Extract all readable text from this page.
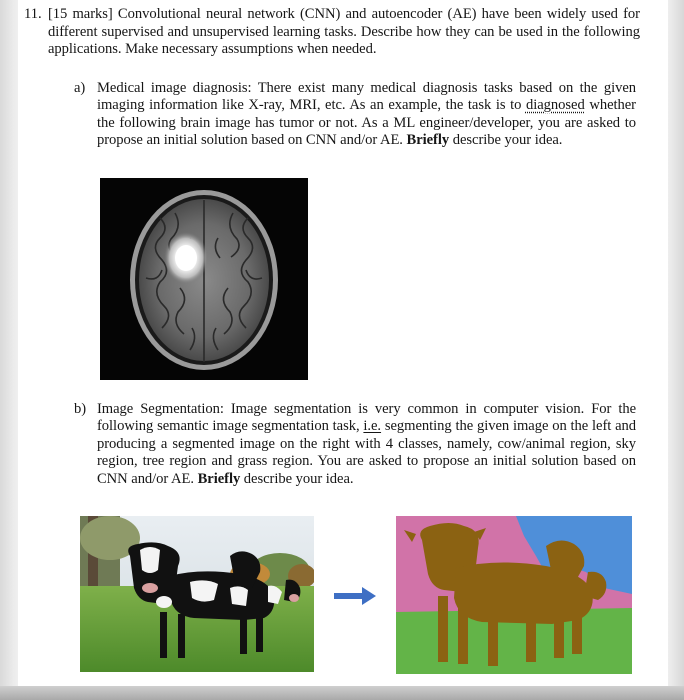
11. [15 marks] Convolutional neural network (CNN) and autoencoder (AE) have been widely used for different supervised and unsupervised learning tasks. Describe how they can be used in the following applications. Make necessary assumptions when needed.
a) Medical image diagnosis: There exist many medical diagnosis tasks based on the given imaging information like X-ray, MRI, etc. As an example, the task is to diagnosed whether the following brain image has tumor or not. As a ML engineer/developer, you are asked to propose an initial solution based on CNN and/or AE. Briefly describe your idea.
b) Image Segmentation: Image segmentation is very common in computer vision. For the following semantic image segmentation task, i.e. segmenting the given image on the left and producing a segmented image on the right with 4 classes, namely, cow/animal region, sky region, tree region and grass region. You are asked to propose an initial solution based on CNN and/or AE. Briefly describe your idea.
